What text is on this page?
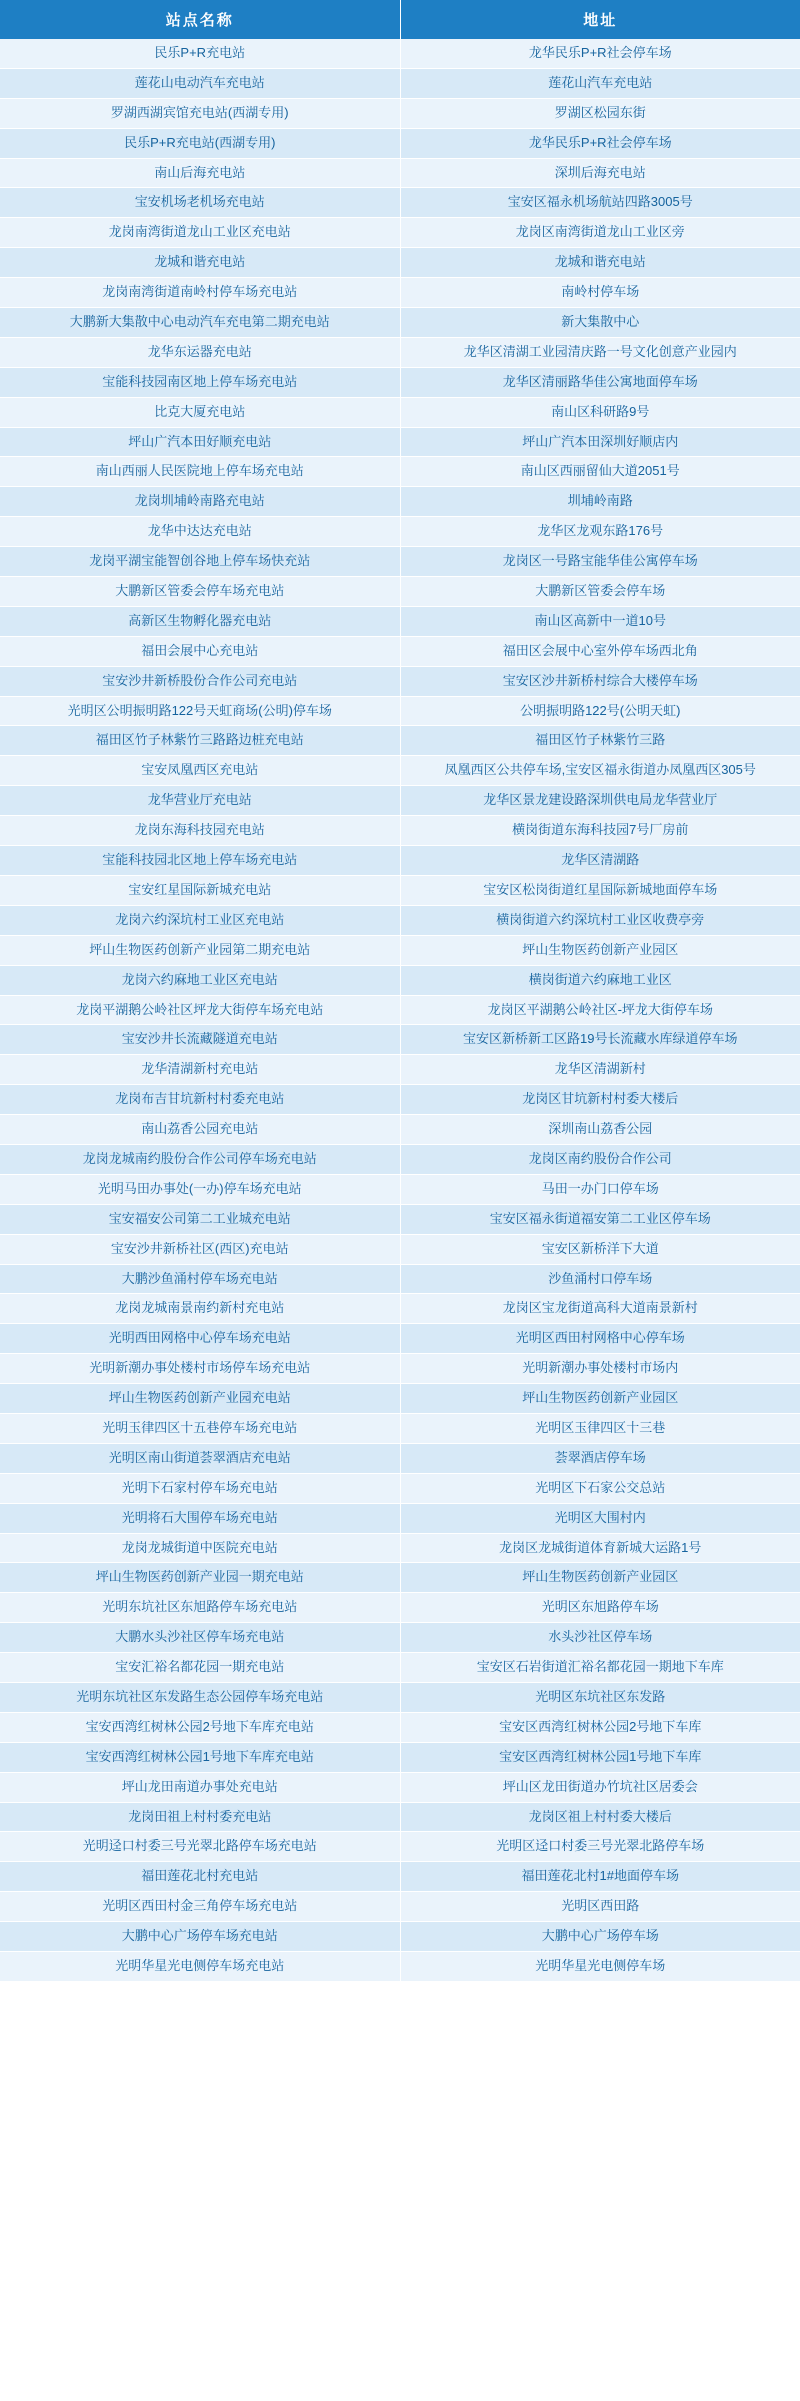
站点名称	地址
民乐P+R充电站	龙华民乐P+R社会停车场
莲花山电动汽车充电站	莲花山汽车充电站
罗湖西湖宾馆充电站(西湖专用)	罗湖区松园东街
民乐P+R充电站(西湖专用)	龙华民乐P+R社会停车场
南山后海充电站	深圳后海充电站
宝安机场老机场充电站	宝安区福永机场航站四路3005号
龙岗南湾街道龙山工业区充电站	龙岗区南湾街道龙山工业区旁
龙城和谐充电站	龙城和谐充电站
龙岗南湾街道南岭村停车场充电站	南岭村停车场
大鹏新大集散中心电动汽车充电第二期充电站	新大集散中心
龙华东运器充电站	龙华区清湖工业园清庆路一号文化创意产业园内
宝能科技园南区地上停车场充电站	龙华区清丽路华佳公寓地面停车场
比克大厦充电站	南山区科研路9号
坪山广汽本田好顺充电站	坪山广汽本田深圳好顺店内
南山西丽人民医院地上停车场充电站	南山区西丽留仙大道2051号
龙岗圳埔岭南路充电站	圳埔岭南路
龙华中达达充电站	龙华区龙观东路176号
龙岗平湖宝能智创谷地上停车场快充站	龙岗区一号路宝能华佳公寓停车场
大鹏新区管委会停车场充电站	大鹏新区管委会停车场
高新区生物孵化器充电站	南山区高新中一道10号
福田会展中心充电站	福田区会展中心室外停车场西北角
宝安沙井新桥股份合作公司充电站	宝安区沙井新桥村综合大楼停车场
光明区公明振明路122号天虹商场(公明)停车场	公明振明路122号(公明天虹)
福田区竹子林紫竹三路路边桩充电站	福田区竹子林紫竹三路
宝安凤凰西区充电站	凤凰西区公共停车场,宝安区福永街道办凤凰西区305号
龙华营业厅充电站	龙华区景龙建设路深圳供电局龙华营业厅
龙岗东海科技园充电站	横岗街道东海科技园7号厂房前
宝能科技园北区地上停车场充电站	龙华区清湖路
宝安红星国际新城充电站	宝安区松岗街道红星国际新城地面停车场
龙岗六约深坑村工业区充电站	横岗街道六约深坑村工业区收费亭旁
坪山生物医药创新产业园第二期充电站	坪山生物医药创新产业园区
龙岗六约麻地工业区充电站	横岗街道六约麻地工业区
龙岗平湖鹅公岭社区坪龙大街停车场充电站	龙岗区平湖鹅公岭社区-坪龙大街停车场
宝安沙井长流藏隧道充电站	宝安区新桥新工区路19号长流藏水库绿道停车场
龙华清湖新村充电站	龙华区清湖新村
龙岗布吉甘坑新村村委充电站	龙岗区甘坑新村村委大楼后
南山荔香公园充电站	深圳南山荔香公园
龙岗龙城南约股份合作公司停车场充电站	龙岗区南约股份合作公司
光明马田办事处(一办)停车场充电站	马田一办门口停车场
宝安福安公司第二工业城充电站	宝安区福永街道福安第二工业区停车场
宝安沙井新桥社区(西区)充电站	宝安区新桥洋下大道
大鹏沙鱼涌村停车场充电站	沙鱼涌村口停车场
龙岗龙城南景南约新村充电站	龙岗区宝龙街道高科大道南景新村
光明西田网格中心停车场充电站	光明区西田村网格中心停车场
光明新潮办事处楼村市场停车场充电站	光明新潮办事处楼村市场内
坪山生物医药创新产业园充电站	坪山生物医药创新产业园区
光明玉律四区十五巷停车场充电站	光明区玉律四区十三巷
光明区南山街道荟翠酒店充电站	荟翠酒店停车场
光明下石家村停车场充电站	光明区下石家公交总站
光明将石大围停车场充电站	光明区大围村内
龙岗龙城街道中医院充电站	龙岗区龙城街道体育新城大运路1号
坪山生物医药创新产业园一期充电站	坪山生物医药创新产业园区
光明东坑社区东旭路停车场充电站	光明区东旭路停车场
大鹏水头沙社区停车场充电站	水头沙社区停车场
宝安汇裕名都花园一期充电站	宝安区石岩街道汇裕名都花园一期地下车库
光明东坑社区东发路生态公园停车场充电站	光明区东坑社区东发路
宝安西湾红树林公园2号地下车库充电站	宝安区西湾红树林公园2号地下车库
宝安西湾红树林公园1号地下车库充电站	宝安区西湾红树林公园1号地下车库
坪山龙田南道办事处充电站	坪山区龙田街道办竹坑社区居委会
龙岗田祖上村村委充电站	龙岗区祖上村村委大楼后
光明迳口村委三号光翠北路停车场充电站	光明区迳口村委三号光翠北路停车场
福田莲花北村充电站	福田莲花北村1#地面停车场
光明区西田村金三角停车场充电站	光明区西田路
大鹏中心广场停车场充电站	大鹏中心广场停车场
光明华星光电侧停车场充电站	光明华星光电侧停车场
